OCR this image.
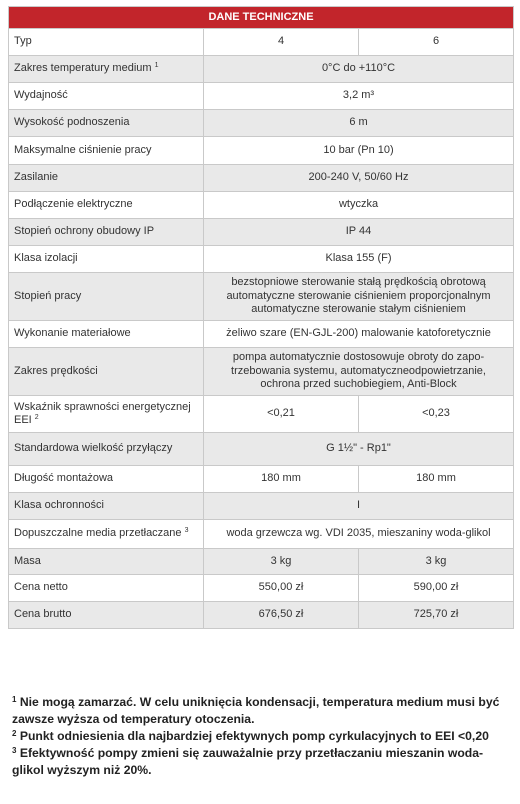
DANE TECHNICZNE		
Typ	4	6
Zakres temperatury medium $^1$	0°C do +110°C	
Wydajność	3,2 m³	
Wysokość podnoszenia	6 m	
Maksymalne ciśnienie pracy	10 bar (Pn 10)	
Zasilanie	200-240 V, 50/60 Hz	
Podłączenie elektryczne	wtyczka	
Stopień ochrony obudowy IP	IP 44	
Klasa izolacji	Klasa 155 (F)	
Stopień pracy	bezstopniowe sterowanie stałą prędkością obrotową
automatyczne sterowanie ciśnieniem proporcjonalnym
automatyczne sterowanie stałym ciśnieniem	
Wykonanie materiałowe	żeliwo szare (EN-GJL-200) malowanie katoforetycznie	
Zakres prędkości	pompa automatycznie dostosowuje obroty do zapo-
trzebowania systemu, automatyczneodpowietrzanie,
ochrona przed suchobiegiem, Anti-Block	
Wskaźnik sprawności energetycznej
EEI $^2$	<0,21	<0,23
Standardowa wielkość przyłączy	G 1½" - Rp1"	
Długość montażowa	180 mm	180 mm
Klasa ochronności	I	
Dopuszczalne media przetłaczane $^3$	woda grzewcza wg. VDI 2035, mieszaniny woda-glikol	
Masa	3 kg	3 kg
Cena netto	550,00 zł	590,00 zł
Cena brutto	676,50 zł	725,70 zł

$^1$ Nie mogą zamarzać. W celu uniknięcia kondensacji, temperatura medium musi być zawsze wyższa od temperatury otoczenia.

$^2$ Punkt odniesienia dla najbardziej efektywnych pomp cyrkulacyjnych to EEI <0,20

$^3$ Efektywność pompy zmieni się zauważalnie przy przetłaczaniu mieszanin woda-glikol wyższym niż 20%.
